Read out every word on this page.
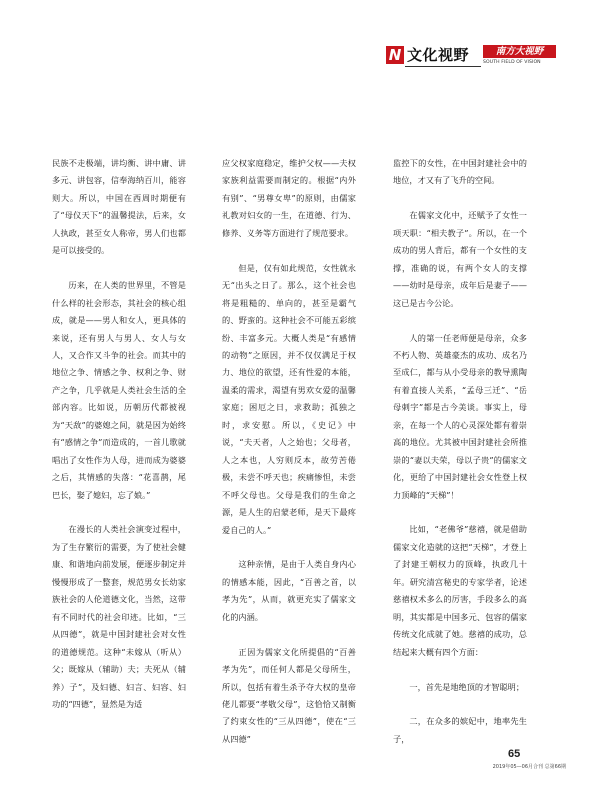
N 文化视野	南方大视野
SOUTH FIELD OF VISION

民族不走极端，讲均衡、讲中庸、讲多元、讲包容，信奉海纳百川，能容则大。所以，中国在西周时期便有了“母仪天下”的温馨提法，后来，女人执政，甚至女人称帝，男人们也都是可以接受的。

历来，在人类的世界里，不管是什么样的社会形态，其社会的核心组成，就是——男人和女人，更具体的来说，还有男人与男人、女人与女人，又合作又斗争的社会。而其中的地位之争、情感之争、权利之争、财产之争，几乎就是人类社会生活的全部内容。比如说，历朝历代都被视为“天敌”的婆媳之间，就是因为始终有“感情之争”而造成的，一首儿歌就唱出了女性作为人母，进而成为婆婆之后，其情感的失落：“花喜鹊，尾巴长，娶了媳妇，忘了娘。”

在漫长的人类社会演变过程中，为了生存繁衍的需要，为了使社会健康、和谐地向前发展，便逐步制定并慢慢形成了一整套，规范男女长幼家族社会的人伦道德文化，当然，这带有不同时代的社会印迹。比如，“三从四德”，就是中国封建社会对女性的道德规范。这种“未嫁从（听从）父；既嫁从（辅助）夫；夫死从（辅养）子”，及妇德、妇言、妇容、妇功的“四德”，显然是为适

应父权家庭稳定，维护父权——夫权家族利益需要而制定的。根据“内外有别”、“男尊女卑”的原则，由儒家礼教对妇女的一生，在道德、行为、修养、义务等方面进行了规范要求。

但是，仅有如此规范，女性就永无“出头之日了。那么，这个社会也将是粗糙的、单向的，甚至是霸气的、野蛮的。这种社会不可能五彩缤纷、丰富多元。大概人类是“有感情的动物”之原因，并不仅仅满足于权力、地位的欲望，还有性爱的本能，温柔的需求，渴望有男欢女爱的温馨家庭；困厄之日，求救助；孤独之时，求安慰。所以，《史记》中说，“夫天者，人之始也；父母者，人之本也，人穷则反本，故劳苦倦极，未尝不呼天也；疾痛惨怛，未尝不呼父母也。父母是我们的生命之源，是人生的启蒙老师，是天下最疼爱自己的人。”

这种亲情，是由于人类自身内心的情感本能，因此，“百善之首，以孝为先”，从而，就更充实了儒家文化的内涵。

正因为儒家文化所提倡的“百善孝为先”，而任何人都是父母所生，所以，包括有着生杀予夺大权的皇帝佬儿都要“孝敬父母”，这恰恰又制衡了约束女性的“三从四德”，使在“三从四德”

监控下的女性，在中国封建社会中的地位，才又有了飞升的空间。

在儒家文化中，还赋予了女性一项天职：“相夫教子”。所以，在一个成功的男人背后，都有一个女性的支撑，准确的说，有两个女人的支撑——幼时是母亲，成年后是妻子——这已是古今公论。

人的第一任老师便是母亲，众多不朽人物、英雄豪杰的成功、成名乃至成仁，都与从小受母亲的教导熏陶有着直接人关系，“孟母三迁”、“岳母刺字”都是古今美谈。事实上，母亲，在每一个人的心灵深处都有着崇高的地位。尤其被中国封建社会所推崇的“妻以夫荣，母以子贵”的儒家文化，更给了中国封建社会女性登上权力顶峰的“天梯”！

比如，“老佛爷”慈禧，就是借助儒家文化造就的这把“天梯”，才登上了封建王朝权力的顶峰，执政几十年。研究清宫秘史的专家学者，论述慈禧权术多么的厉害，手段多么的高明，其实都是中国多元、包容的儒家传统文化成就了她。慈禧的成功，总结起来大概有四个方面：

一，首先是地绝顶的才智聪明；

二，在众多的嫔妃中，地率先生子，

65
2019年05—06月合刊 总第66期
